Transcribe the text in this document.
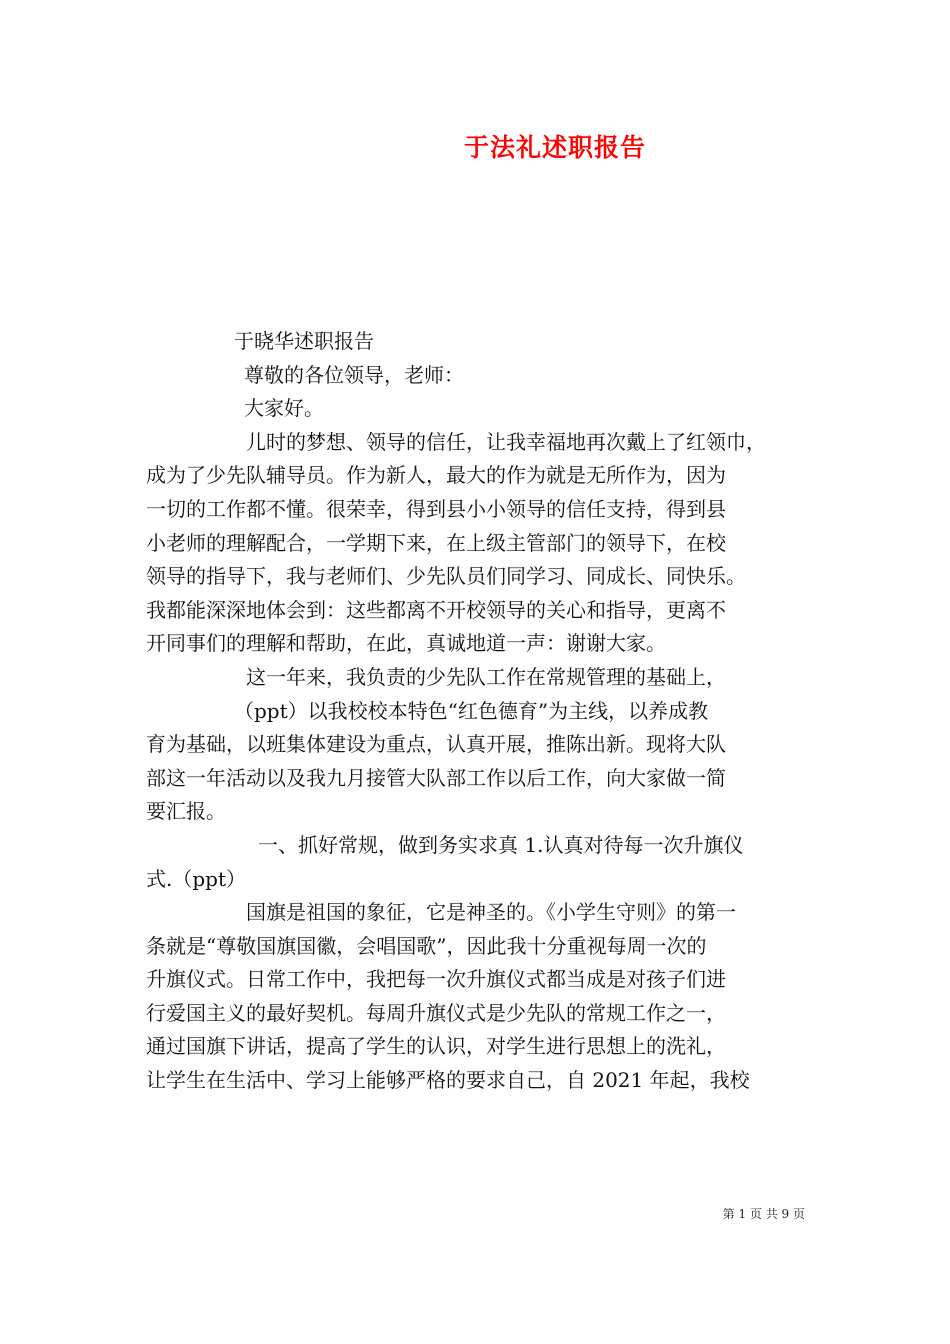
于法礼述职报告
于晓华述职报告
尊敬的各位领导，老师：
大家好。
儿时的梦想、领导的信任，让我幸福地再次戴上了红领巾，
成为了少先队辅导员。作为新人，最大的作为就是无所作为，因为
一切的工作都不懂。很荣幸，得到县小小领导的信任支持，得到县
小老师的理解配合，一学期下来，在上级主管部门的领导下，在校
领导的指导下，我与老师们、少先队员们同学习、同成长、同快乐。
我都能深深地体会到：这些都离不开校领导的关心和指导，更离不
开同事们的理解和帮助，在此，真诚地道一声：谢谢大家。
这一年来，我负责的少先队工作在常规管理的基础上，
（ppt）以我校校本特色“红色德育”为主线，以养成教
育为基础，以班集体建设为重点，认真开展，推陈出新。现将大队
部这一年活动以及我九月接管大队部工作以后工作，向大家做一简
要汇报。
一、抓好常规，做到务实求真 1.认真对待每一次升旗仪
式.（ppt）
国旗是祖国的象征，它是神圣的。《小学生守则》的第一
条就是“尊敬国旗国徽，会唱国歌”，因此我十分重视每周一次的
升旗仪式。日常工作中，我把每一次升旗仪式都当成是对孩子们进
行爱国主义的最好契机。每周升旗仪式是少先队的常规工作之一，
通过国旗下讲话，提高了学生的认识，对学生进行思想上的洗礼，
让学生在生活中、学习上能够严格的要求自己，自 2021 年起，我校
第 1 页 共 9 页
